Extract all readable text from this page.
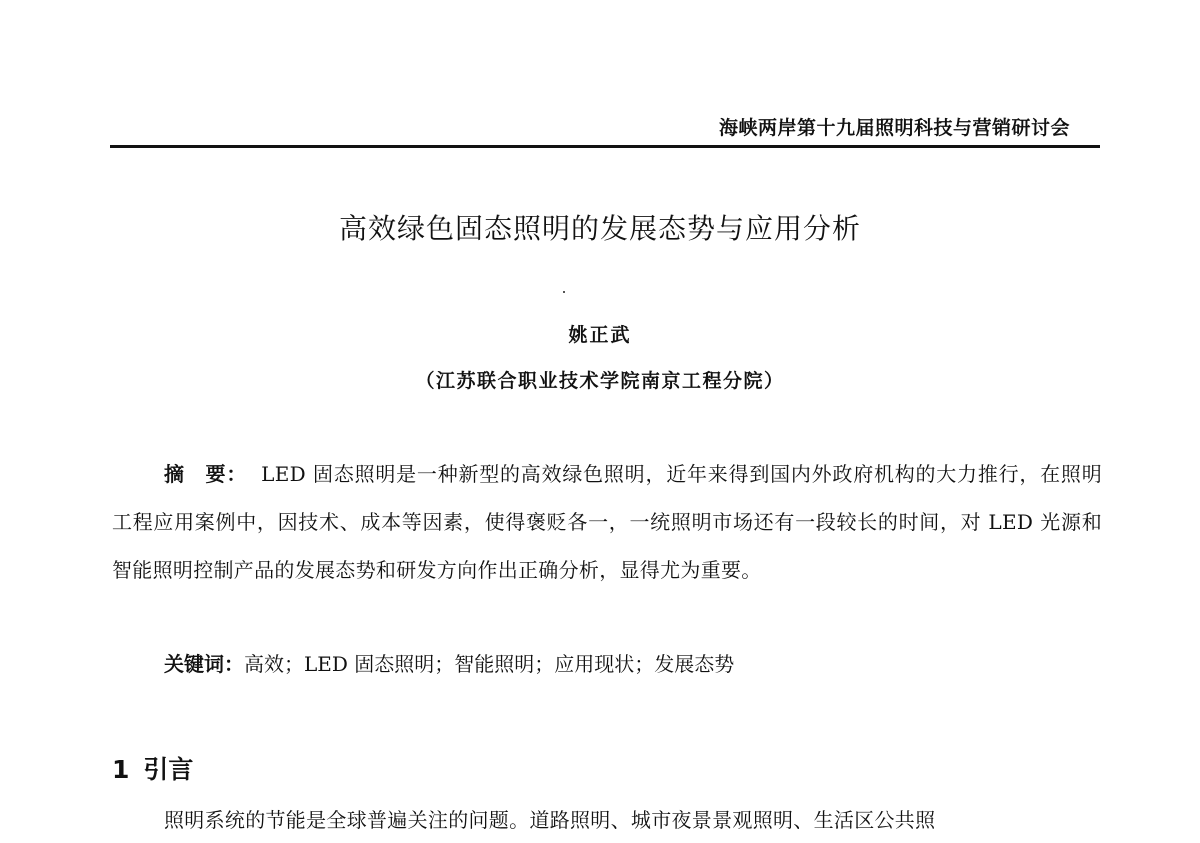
海峡两岸第十九届照明科技与营销研讨会
高效绿色固态照明的发展态势与应用分析
姚正武
（江苏联合职业技术学院南京工程分院）
摘　要： LED 固态照明是一种新型的高效绿色照明，近年来得到国内外政府机构的大力推行，在照明工程应用案例中，因技术、成本等因素，使得褒贬各一，一统照明市场还有一段较长的时间，对 LED 光源和智能照明控制产品的发展态势和研发方向作出正确分析，显得尤为重要。
关键词：高效；LED 固态照明；智能照明；应用现状；发展态势
1 引言
照明系统的节能是全球普遍关注的问题。道路照明、城市夜景景观照明、生活区公共照
